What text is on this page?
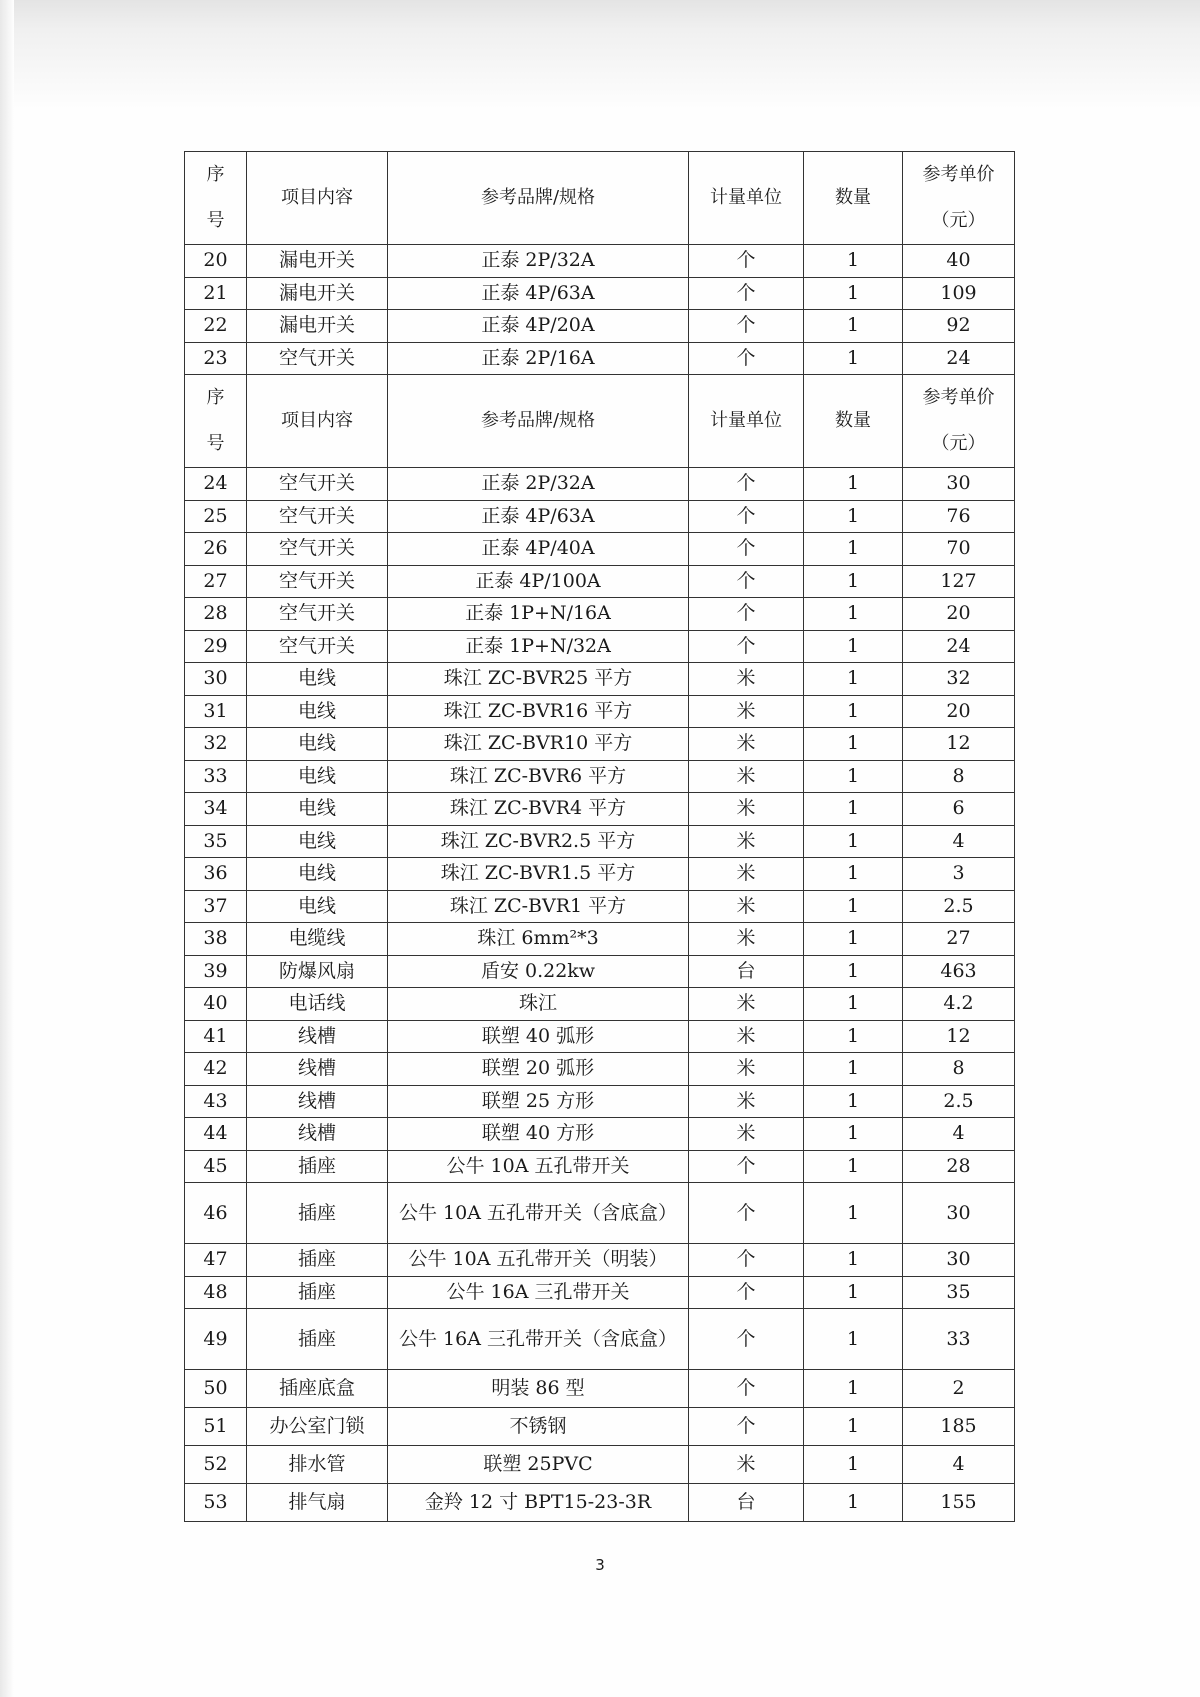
序
号	项目内容	参考品牌/规格	计量单位	数量	参考单价
（元）
20	漏电开关	正泰 2P/32A	个	1	40
21	漏电开关	正泰 4P/63A	个	1	109
22	漏电开关	正泰 4P/20A	个	1	92
23	空气开关	正泰 2P/16A	个	1	24
序
号	项目内容	参考品牌/规格	计量单位	数量	参考单价
（元）
24	空气开关	正泰 2P/32A	个	1	30
25	空气开关	正泰 4P/63A	个	1	76
26	空气开关	正泰 4P/40A	个	1	70
27	空气开关	正泰 4P/100A	个	1	127
28	空气开关	正泰 1P+N/16A	个	1	20
29	空气开关	正泰 1P+N/32A	个	1	24
30	电线	珠江 ZC-BVR25 平方	米	1	32
31	电线	珠江 ZC-BVR16 平方	米	1	20
32	电线	珠江 ZC-BVR10 平方	米	1	12
33	电线	珠江 ZC-BVR6 平方	米	1	8
34	电线	珠江 ZC-BVR4 平方	米	1	6
35	电线	珠江 ZC-BVR2.5 平方	米	1	4
36	电线	珠江 ZC-BVR1.5 平方	米	1	3
37	电线	珠江 ZC-BVR1 平方	米	1	2.5
38	电缆线	珠江 6mm²*3	米	1	27
39	防爆风扇	盾安 0.22kw	台	1	463
40	电话线	珠江	米	1	4.2
41	线槽	联塑 40 弧形	米	1	12
42	线槽	联塑 20 弧形	米	1	8
43	线槽	联塑 25 方形	米	1	2.5
44	线槽	联塑 40 方形	米	1	4
45	插座	公牛 10A 五孔带开关	个	1	28
46	插座	公牛 10A 五孔带开关（含底盒）	个	1	30
47	插座	公牛 10A 五孔带开关（明装）	个	1	30
48	插座	公牛 16A 三孔带开关	个	1	35
49	插座	公牛 16A 三孔带开关（含底盒）	个	1	33
50	插座底盒	明装 86 型	个	1	2
51	办公室门锁	不锈钢	个	1	185
52	排水管	联塑 25PVC	米	1	4
53	排气扇	金羚 12 寸 BPT15-23-3R	台	1	155
3
